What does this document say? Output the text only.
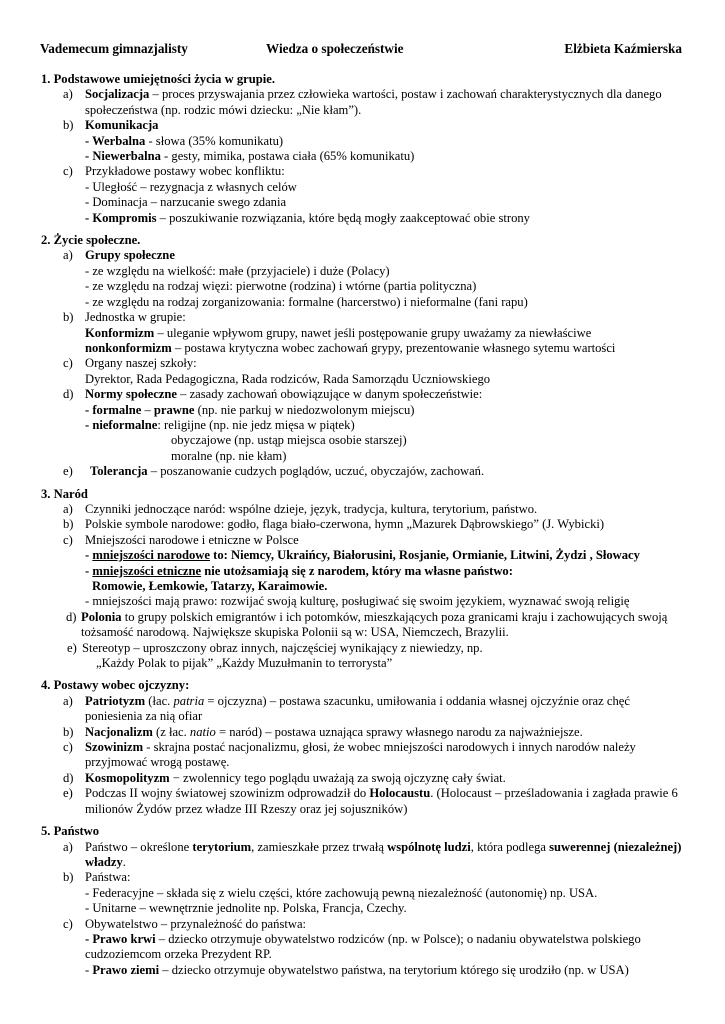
Vademecum gimnazjalisty	Wiedza o społeczeństwie	Elżbieta Kaźmierska
1. Podstawowe umiejętności życia w grupie.
a) Socjalizacja – proces przyswajania przez człowieka wartości, postaw i zachowań charakterystycznych dla danego społeczeństwa (np. rodzic mówi dziecku: „Nie kłam”).
b) Komunikacja
- Werbalna - słowa (35% komunikatu)
- Niewerbalna - gesty, mimika, postawa ciała (65% komunikatu)
c) Przykładowe postawy wobec konfliktu:
- Uległość – rezygnacja z własnych celów
- Dominacja – narzucanie swego zdania
- Kompromis – poszukiwanie rozwiązania, które będą mogły zaakceptować obie strony
2. Życie społeczne.
a) Grupy społeczne
- ze względu na wielkość: małe (przyjaciele) i duże (Polacy)
- ze względu na rodzaj więzi: pierwotne (rodzina) i wtórne (partia polityczna)
- ze względu na rodzaj zorganizowania: formalne (harcerstwo) i nieformalne (fani rapu)
b) Jednostka w grupie:
Konformizm – uleganie wpływom grupy, nawet jeśli postępowanie grupy uważamy za niewłaściwe
nonkonformizm – postawa krytyczna wobec zachowań grypy, prezentowanie własnego sytemu wartości
c) Organy naszej szkoły:
Dyrektor, Rada Pedagogiczna, Rada rodziców, Rada Samorządu Uczniowskiego
d) Normy społeczne – zasady zachowań obowiązujące w danym społeczeństwie:
- formalne – prawne (np. nie parkuj w niedozwolonym miejscu)
- nieformalne: religijne (np. nie jedz mięsa w piątek)
obyczajowe (np. ustąp miejsca osobie starszej)
moralne (np. nie kłam)
e) Tolerancja – poszanowanie cudzych poglądów, uczuć, obyczajów, zachowań.
3. Naród
a) Czynniki jednoczące naród: wspólne dzieje, język, tradycja, kultura, terytorium, państwo.
b) Polskie symbole narodowe: godło, flaga biało-czerwona, hymn „Mazurek Dąbrowskiego” (J. Wybicki)
c) Mniejszości narodowe i etniczne w Polsce
- mniejszości narodowe to: Niemcy, Ukraińcy, Białorusini, Rosjanie, Ormianie, Litwini, Żydzi , Słowacy
- mniejszości etniczne nie utożsamiają się z narodem, który ma własne państwo:
Romowie, Łemkowie, Tatarzy, Karaimowie.
- mniejszości mają prawo: rozwijać swoją kulturę, posługiwać się swoim językiem, wyznawać swoją religię
d) Polonia to grupy polskich emigrantów i ich potomków, mieszkających poza granicami kraju i zachowujących swoją tożsamość narodową. Największe skupiska Polonii są w: USA, Niemczech, Brazylii.
e) Stereotyp – uproszczony obraz innych, najczęściej wynikający z niewiedzy, np.
„Każdy Polak to pijak” „Każdy Muzułmanin to terrorysta”
4. Postawy wobec ojczyzny:
a) Patriotyzm (łac. patria = ojczyzna) – postawa szacunku, umiłowania i oddania własnej ojczyźnie oraz chęć poniesienia za nią ofiar
b) Nacjonalizm (z łac. natio = naród) – postawa uznająca sprawy własnego narodu za najważniejsze.
c) Szowinizm - skrajna postać nacjonalizmu, głosi, że wobec mniejszości narodowych i innych narodów należy przyjmować wrogą postawę.
d) Kosmopolityzm − zwolennicy tego poglądu uważają za swoją ojczyznę cały świat.
e) Podczas II wojny światowej szowinizm odprowadził do Holocaustu. (Holocaust – prześladowania i zagłada prawie 6 milionów Żydów przez władze III Rzeszy oraz jej sojuszników)
5. Państwo
a) Państwo – określone terytorium, zamieszkałe przez trwałą wspólnotę ludzi, która podlega suwerennej (niezależnej) władzy.
b) Państwa:
- Federacyjne – składa się z wielu części, które zachowują pewną niezależność (autonomię) np. USA.
- Unitarne – wewnętrznie jednolite np. Polska, Francja, Czechy.
c) Obywatelstwo – przynależność do państwa:
- Prawo krwi – dziecko otrzymuje obywatelstwo rodziców (np. w Polsce); o nadaniu obywatelstwa polskiego cudzoziemcom orzeka Prezydent RP.
- Prawo ziemi – dziecko otrzymuje obywatelstwo państwa, na terytorium którego się urodziło (np. w USA)
